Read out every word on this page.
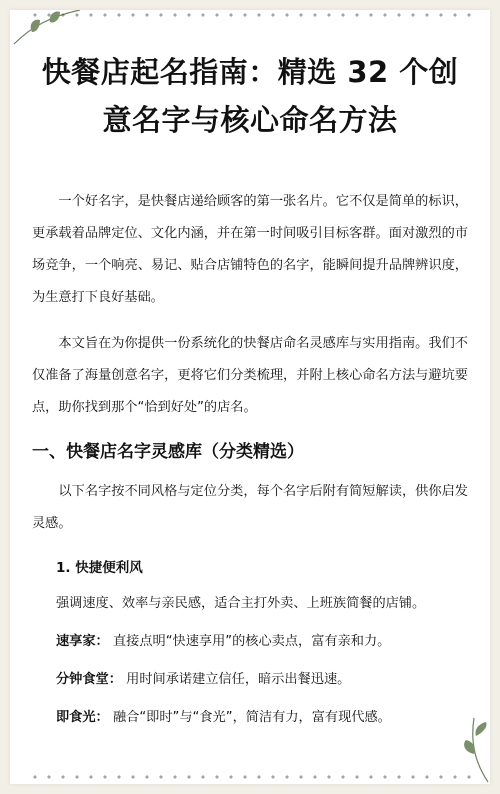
快餐店起名指南：精选 32 个创意名字与核心命名方法

一个好名字，是快餐店递给顾客的第一张名片。它不仅是简单的标识，更承载着品牌定位、文化内涵，并在第一时间吸引目标客群。面对激烈的市场竞争，一个响亮、易记、贴合店铺特色的名字，能瞬间提升品牌辨识度，为生意打下良好基础。

本文旨在为你提供一份系统化的快餐店命名灵感库与实用指南。我们不仅准备了海量创意名字，更将它们分类梳理，并附上核心命名方法与避坑要点，助你找到那个“恰到好处”的店名。

一、快餐店名字灵感库（分类精选）

以下名字按不同风格与定位分类，每个名字后附有简短解读，供你启发灵感。

1. 快捷便利风

强调速度、效率与亲民感，适合主打外卖、上班族简餐的店铺。

速享家： 直接点明“快速享用”的核心卖点，富有亲和力。

分钟食堂： 用时间承诺建立信任，暗示出餐迅速。

即食光： 融合“即时”与“食光”，简洁有力，富有现代感。
